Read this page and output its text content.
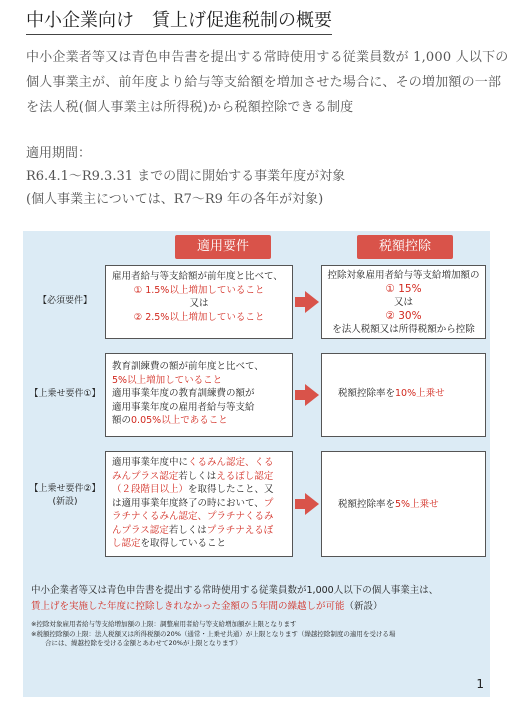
中小企業向け　賃上げ促進税制の概要
中小企業者等又は青色申告書を提出する常時使用する従業員数が 1,000 人以下の個人事業主が、前年度より給与等支給額を増加させた場合に、その増加額の一部を法人税(個人事業主は所得税)から税額控除できる制度
適用期間：
R6.4.1～R9.3.31 までの間に開始する事業年度が対象
(個人事業主については、R7～R9 年の各年が対象)
適用要件	税額控除
【必須要件】
雇用者給与等支給額が前年度と比べて、
① 1.5%以上増加していること
又は
② 2.5%以上増加していること
控除対象雇用者給与等支給増加額の
① 15%
又は
② 30%
を法人税額又は所得税額から控除
【上乗せ要件①】
教育訓練費の額が前年度と比べて、
5%以上増加していること
適用事業年度の教育訓練費の額が
適用事業年度の雇用者給与等支給
額の0.05%以上であること
税額控除率を10%上乗せ
【上乗せ要件②】
(新設)
適用事業年度中にくるみん認定、くる
みんプラス認定若しくはえるぼし認定
（２段階目以上）を取得したこと、又
は適用事業年度終了の時において、プ
ラチナくるみん認定、プラチナくるみ
んプラス認定若しくはプラチナえるぼ
し認定を取得していること
税額控除率を5%上乗せ
中小企業者等又は青色申告書を提出する常時使用する従業員数が1,000人以下の個人事業主は、
賃上げを実施した年度に控除しきれなかった金額の５年間の繰越しが可能（新設）
※控除対象雇用者給与等支給増加額の上限：調整雇用者給与等支給増加額が上限となります
※税額控除額の上限：法人税額又は所得税額の20%（通常・上乗せ共通）が上限となります（繰越控除制度の適用を受ける場
合には、繰越控除を受ける金額とあわせて20%が上限となります）
1
